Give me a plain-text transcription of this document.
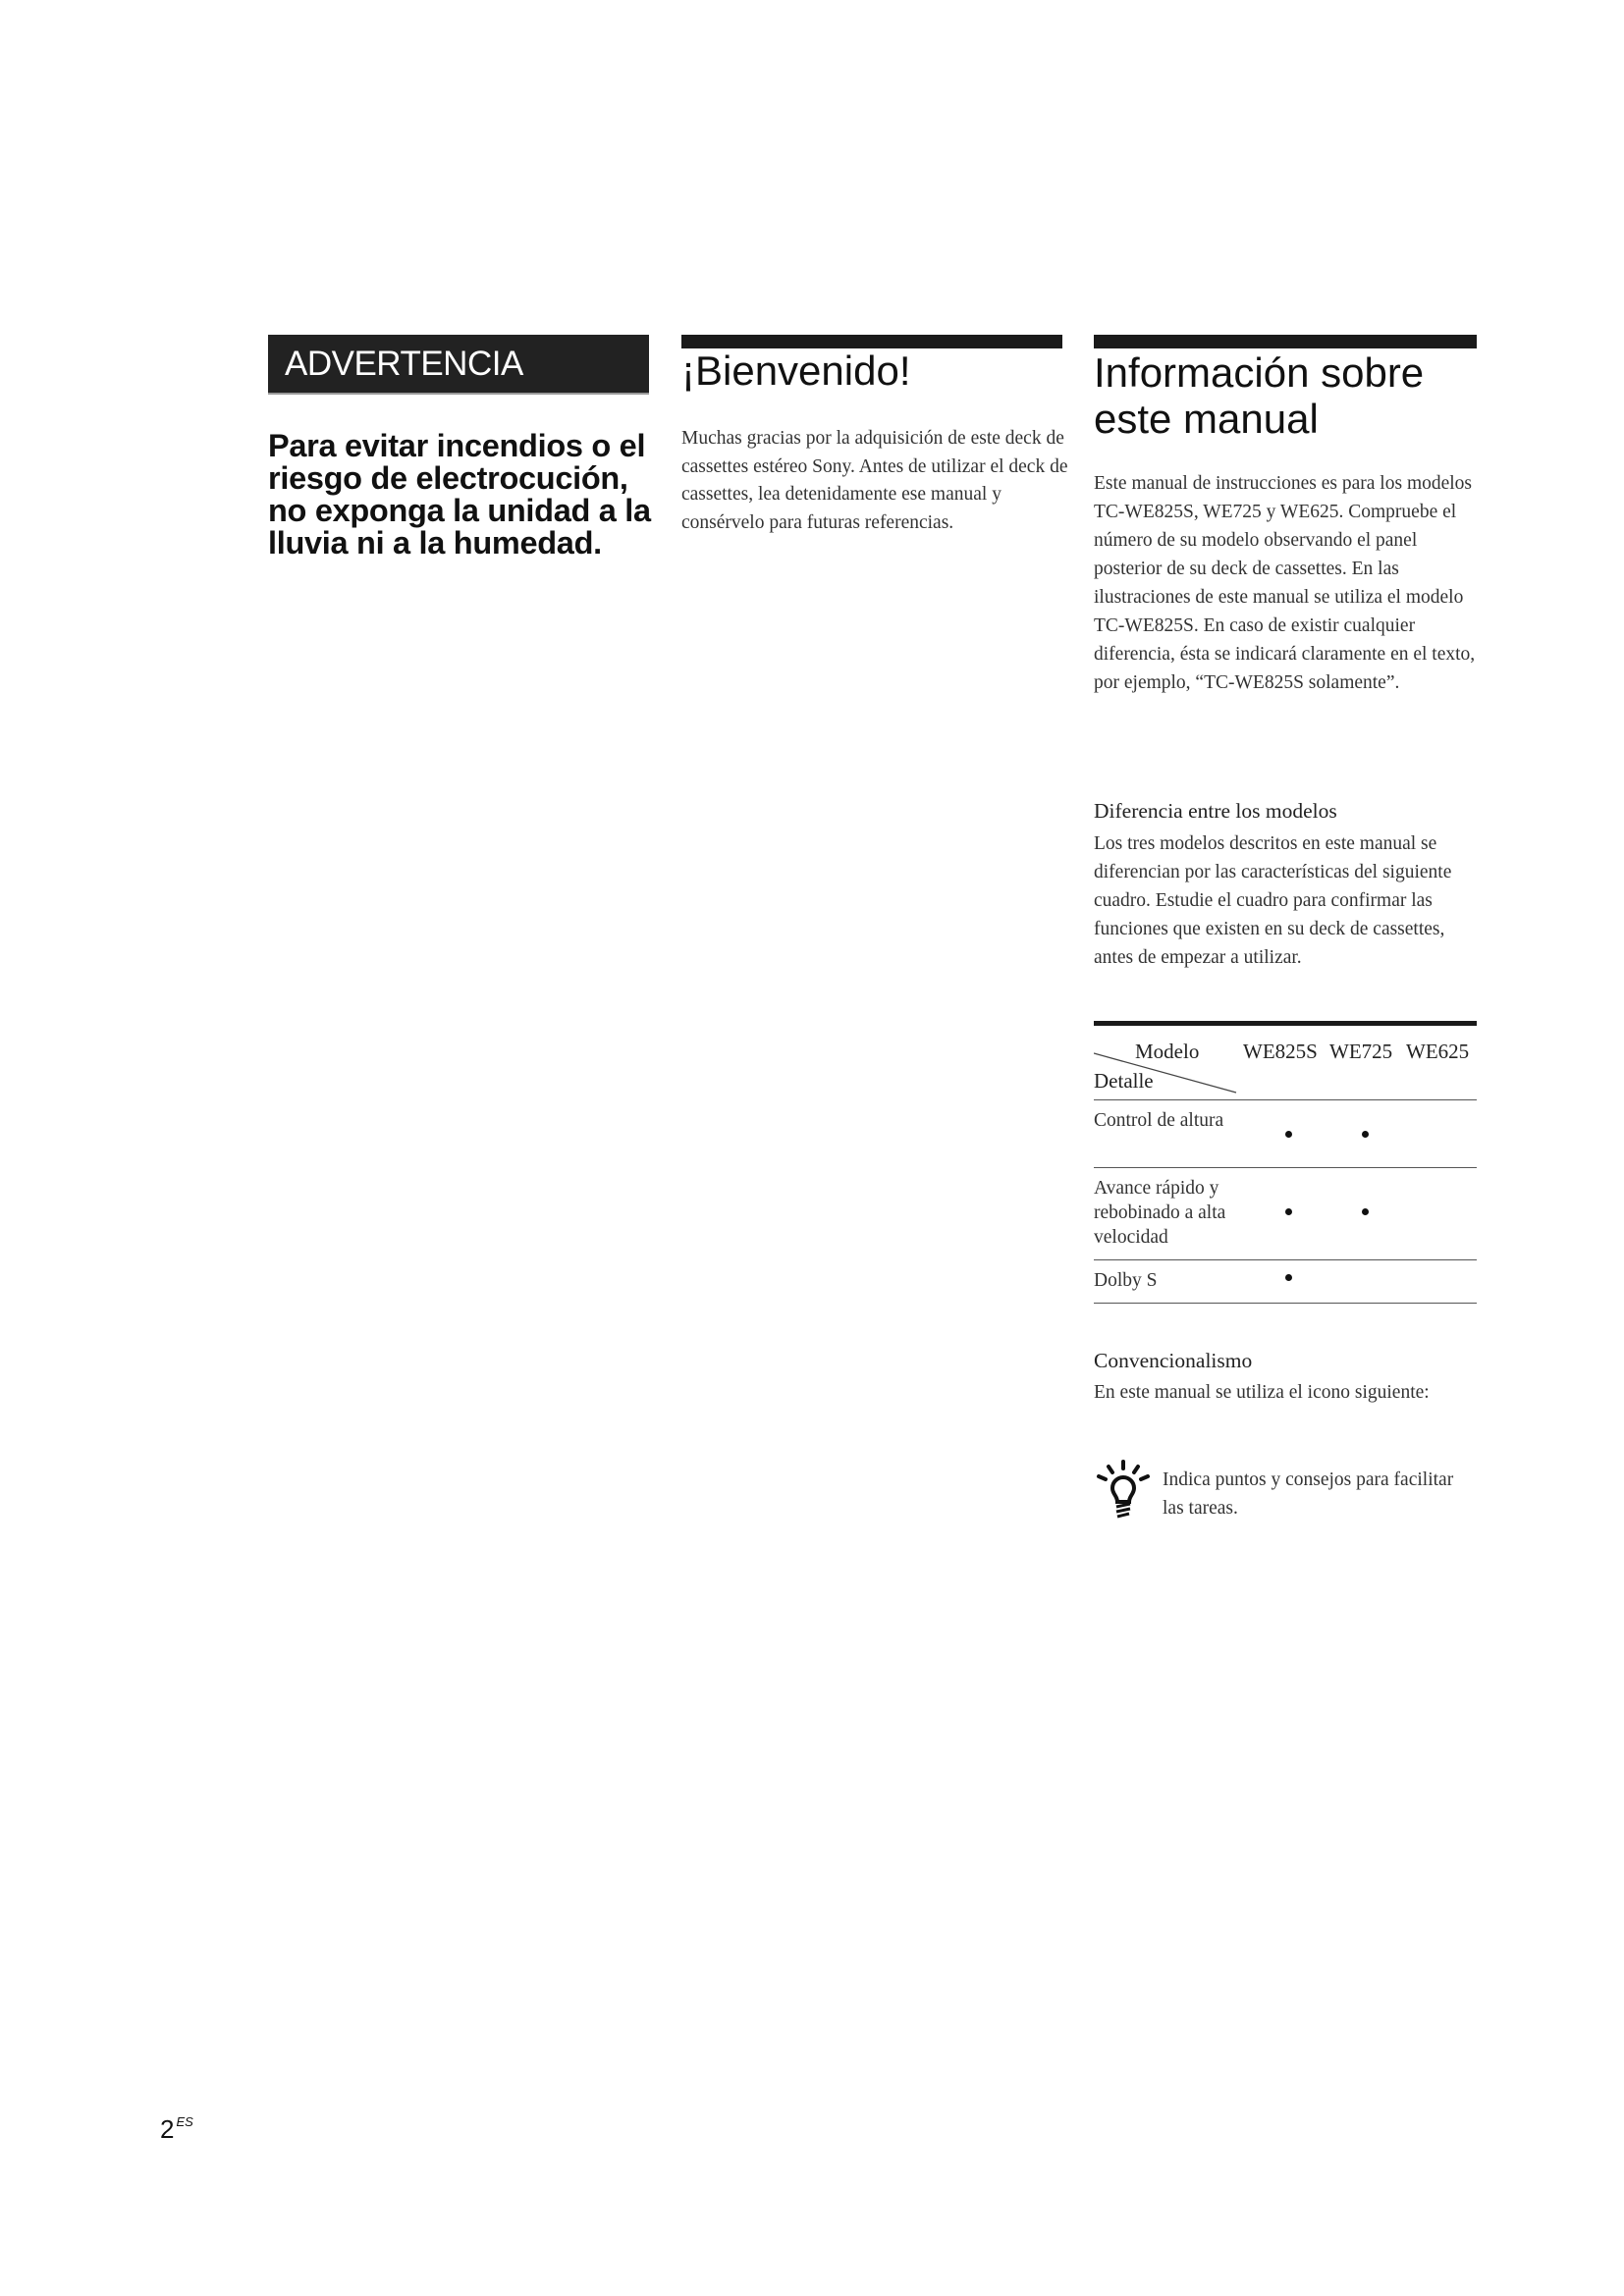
ADVERTENCIA

Para evitar incendios o el riesgo de electrocución, no exponga la unidad a la lluvia ni a la humedad.

¡Bienvenido!

Muchas gracias por la adquisición de este deck de cassettes estéreo Sony. Antes de utilizar el deck de cassettes, lea detenidamente ese manual y consérvelo para futuras referencias.

Información sobre este manual

Este manual de instrucciones es para los modelos TC-WE825S, WE725 y WE625. Compruebe el número de su modelo observando el panel posterior de su deck de cassettes. En las ilustraciones de este manual se utiliza el modelo TC-WE825S. En caso de existir cualquier diferencia, ésta se indicará claramente en el texto, por ejemplo, “TC-WE825S solamente”.

Diferencia entre los modelos

Los tres modelos descritos en este manual se diferencian por las características del siguiente cuadro. Estudie el cuadro para confirmar las funciones que existen en su deck de cassettes, antes de empezar a utilizar.

Modelo
Detalle
WE825S WE725 WE625
Control de altura
Avance rápido y rebobinado a alta velocidad
Dolby S
Convencionalismo

En este manual se utiliza el icono siguiente:

Indica puntos y consejos para facilitar las tareas.

2 $^{ES}$
